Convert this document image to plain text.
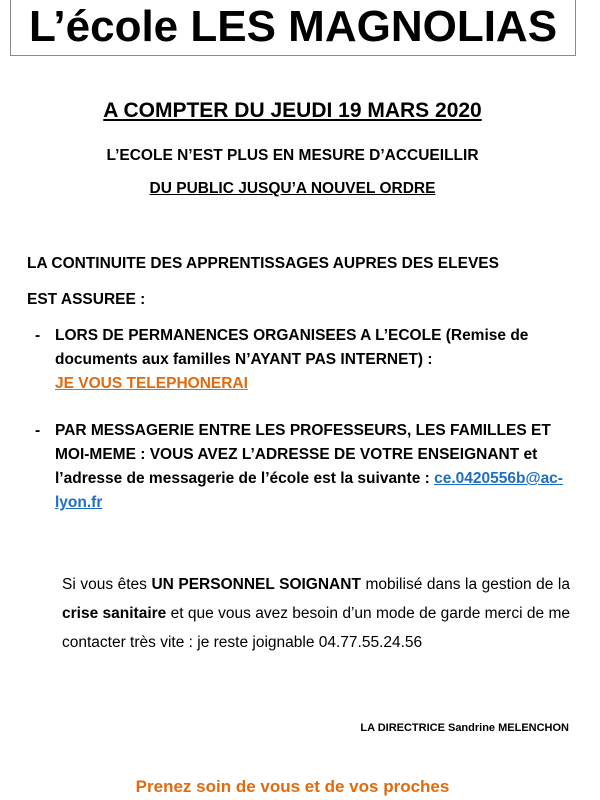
L’école LES MAGNOLIAS
A COMPTER DU JEUDI 19 MARS 2020
L’ECOLE N’EST PLUS EN MESURE D’ACCUEILLIR
DU PUBLIC JUSQU’A NOUVEL ORDRE
LA CONTINUITE DES APPRENTISSAGES AUPRES DES ELEVES
EST ASSUREE :
- LORS DE PERMANENCES ORGANISEES A L’ECOLE (Remise de documents aux familles N’AYANT PAS INTERNET) :
JE VOUS TELEPHONERAI
- PAR MESSAGERIE ENTRE LES PROFESSEURS, LES FAMILLES ET MOI-MEME : VOUS AVEZ L’ADRESSE DE VOTRE ENSEIGNANT et l’adresse de messagerie de l’école est la suivante : ce.0420556b@ac-lyon.fr
Si vous êtes UN PERSONNEL SOIGNANT mobilisé dans la gestion de la crise sanitaire et que vous avez besoin d’un mode de garde merci de me contacter très vite : je reste joignable 04.77.55.24.56
LA DIRECTRICE Sandrine MELENCHON
Prenez soin de vous et de vos proches
